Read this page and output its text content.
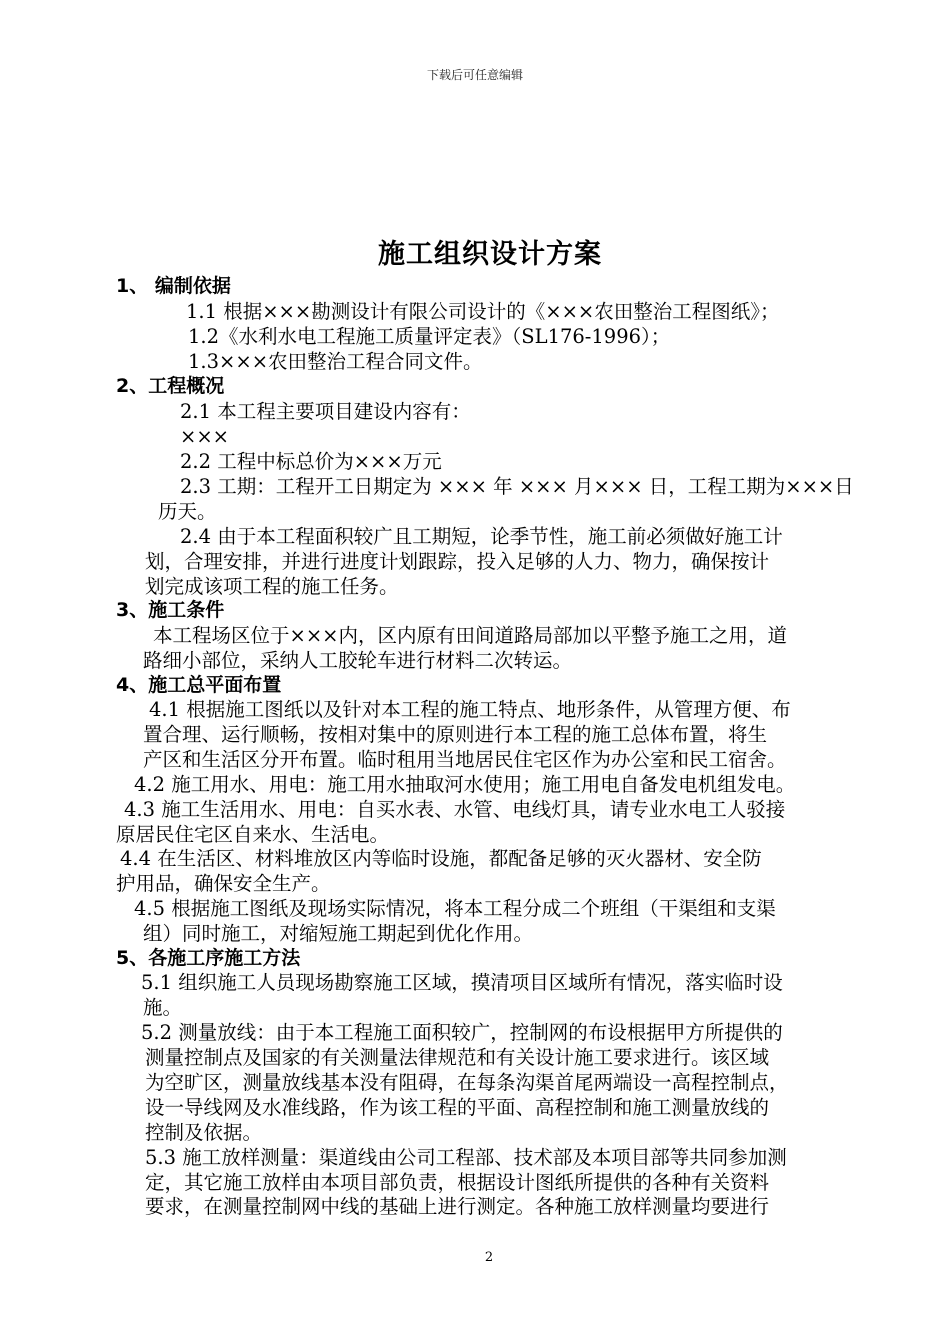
下载后可任意编辑
施工组织设计方案
1、 编制依据
1.1 根据×××勘测设计有限公司设计的《×××农田整治工程图纸》；
1.2《水利水电工程施工质量评定表》（SL176-1996）；
1.3×××农田整治工程合同文件。
2、工程概况
2.1 本工程主要项目建设内容有：
×××
2.2 工程中标总价为×××万元
2.3 工期：工程开工日期定为 ××× 年 ××× 月××× 日，工程工期为×××日
历天。
2.4 由于本工程面积较广且工期短，论季节性，施工前必须做好施工计
划，合理安排，并进行进度计划跟踪，投入足够的人力、物力，确保按计
划完成该项工程的施工任务。
3、施工条件
本工程场区位于×××内，区内原有田间道路局部加以平整予施工之用，道
路细小部位，采纳人工胶轮车进行材料二次转运。
4、施工总平面布置
4.1 根据施工图纸以及针对本工程的施工特点、地形条件，从管理方便、布
置合理、运行顺畅，按相对集中的原则进行本工程的施工总体布置，将生
产区和生活区分开布置。临时租用当地居民住宅区作为办公室和民工宿舍。
4.2 施工用水、用电：施工用水抽取河水使用；施工用电自备发电机组发电。
4.3 施工生活用水、用电：自买水表、水管、电线灯具，请专业水电工人驳接
原居民住宅区自来水、生活电。
4.4 在生活区、材料堆放区内等临时设施，都配备足够的灭火器材、安全防
护用品，确保安全生产。
4.5 根据施工图纸及现场实际情况，将本工程分成二个班组（干渠组和支渠
组）同时施工，对缩短施工期起到优化作用。
5、各施工序施工方法
5.1 组织施工人员现场勘察施工区域，摸清项目区域所有情况，落实临时设
施。
5.2 测量放线：由于本工程施工面积较广，控制网的布设根据甲方所提供的
测量控制点及国家的有关测量法律规范和有关设计施工要求进行。该区域
为空旷区，测量放线基本没有阻碍，在每条沟渠首尾两端设一高程控制点，
设一导线网及水准线路，作为该工程的平面、高程控制和施工测量放线的
控制及依据。
5.3 施工放样测量：渠道线由公司工程部、技术部及本项目部等共同参加测
定，其它施工放样由本项目部负责，根据设计图纸所提供的各种有关资料
要求，在测量控制网中线的基础上进行测定。各种施工放样测量均要进行
2
